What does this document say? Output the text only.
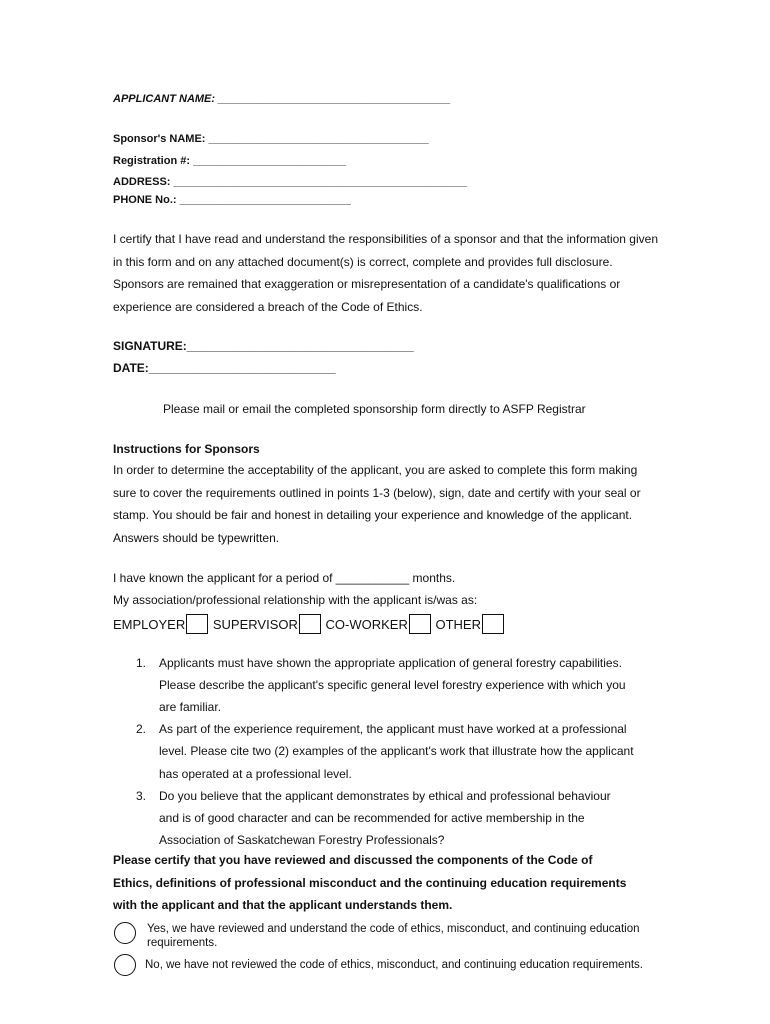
APPLICANT NAME: ______________________________________
Sponsor's NAME: ____________________________________
Registration #: _________________________
ADDRESS: ________________________________________________
PHONE No.: ____________________________
I certify that I have read and understand the responsibilities of a sponsor and that the information given in this form and on any attached document(s) is correct, complete and provides full disclosure. Sponsors are remained that exaggeration or misrepresentation of a candidate's qualifications or experience are considered a breach of the Code of Ethics.
SIGNATURE:__________________________________
DATE:____________________________
Please mail or email the completed sponsorship form directly to ASFP Registrar
Instructions for Sponsors
In order to determine the acceptability of the applicant, you are asked to complete this form making sure to cover the requirements outlined in points 1-3 (below), sign, date and certify with your seal or stamp. You should be fair and honest in detailing your experience and knowledge of the applicant. Answers should be typewritten.
I have known the applicant for a period of ___________ months.
My association/professional relationship with the applicant is/was as:
EMPLOYER SUPERVISOR CO-WORKER OTHER
1. Applicants must have shown the appropriate application of general forestry capabilities.
Please describe the applicant's specific general level forestry experience with which you
are familiar.
2. As part of the experience requirement, the applicant must have worked at a professional
level. Please cite two (2) examples of the applicant's work that illustrate how the applicant
has operated at a professional level.
3. Do you believe that the applicant demonstrates by ethical and professional behaviour
and is of good character and can be recommended for active membership in the
Association of Saskatchewan Forestry Professionals?
Please certify that you have reviewed and discussed the components of the Code of
Ethics, definitions of professional misconduct and the continuing education requirements
with the applicant and that the applicant understands them.
Yes, we have reviewed and understand the code of ethics, misconduct, and continuing education
requirements.
No, we have not reviewed the code of ethics, misconduct, and continuing education requirements.
